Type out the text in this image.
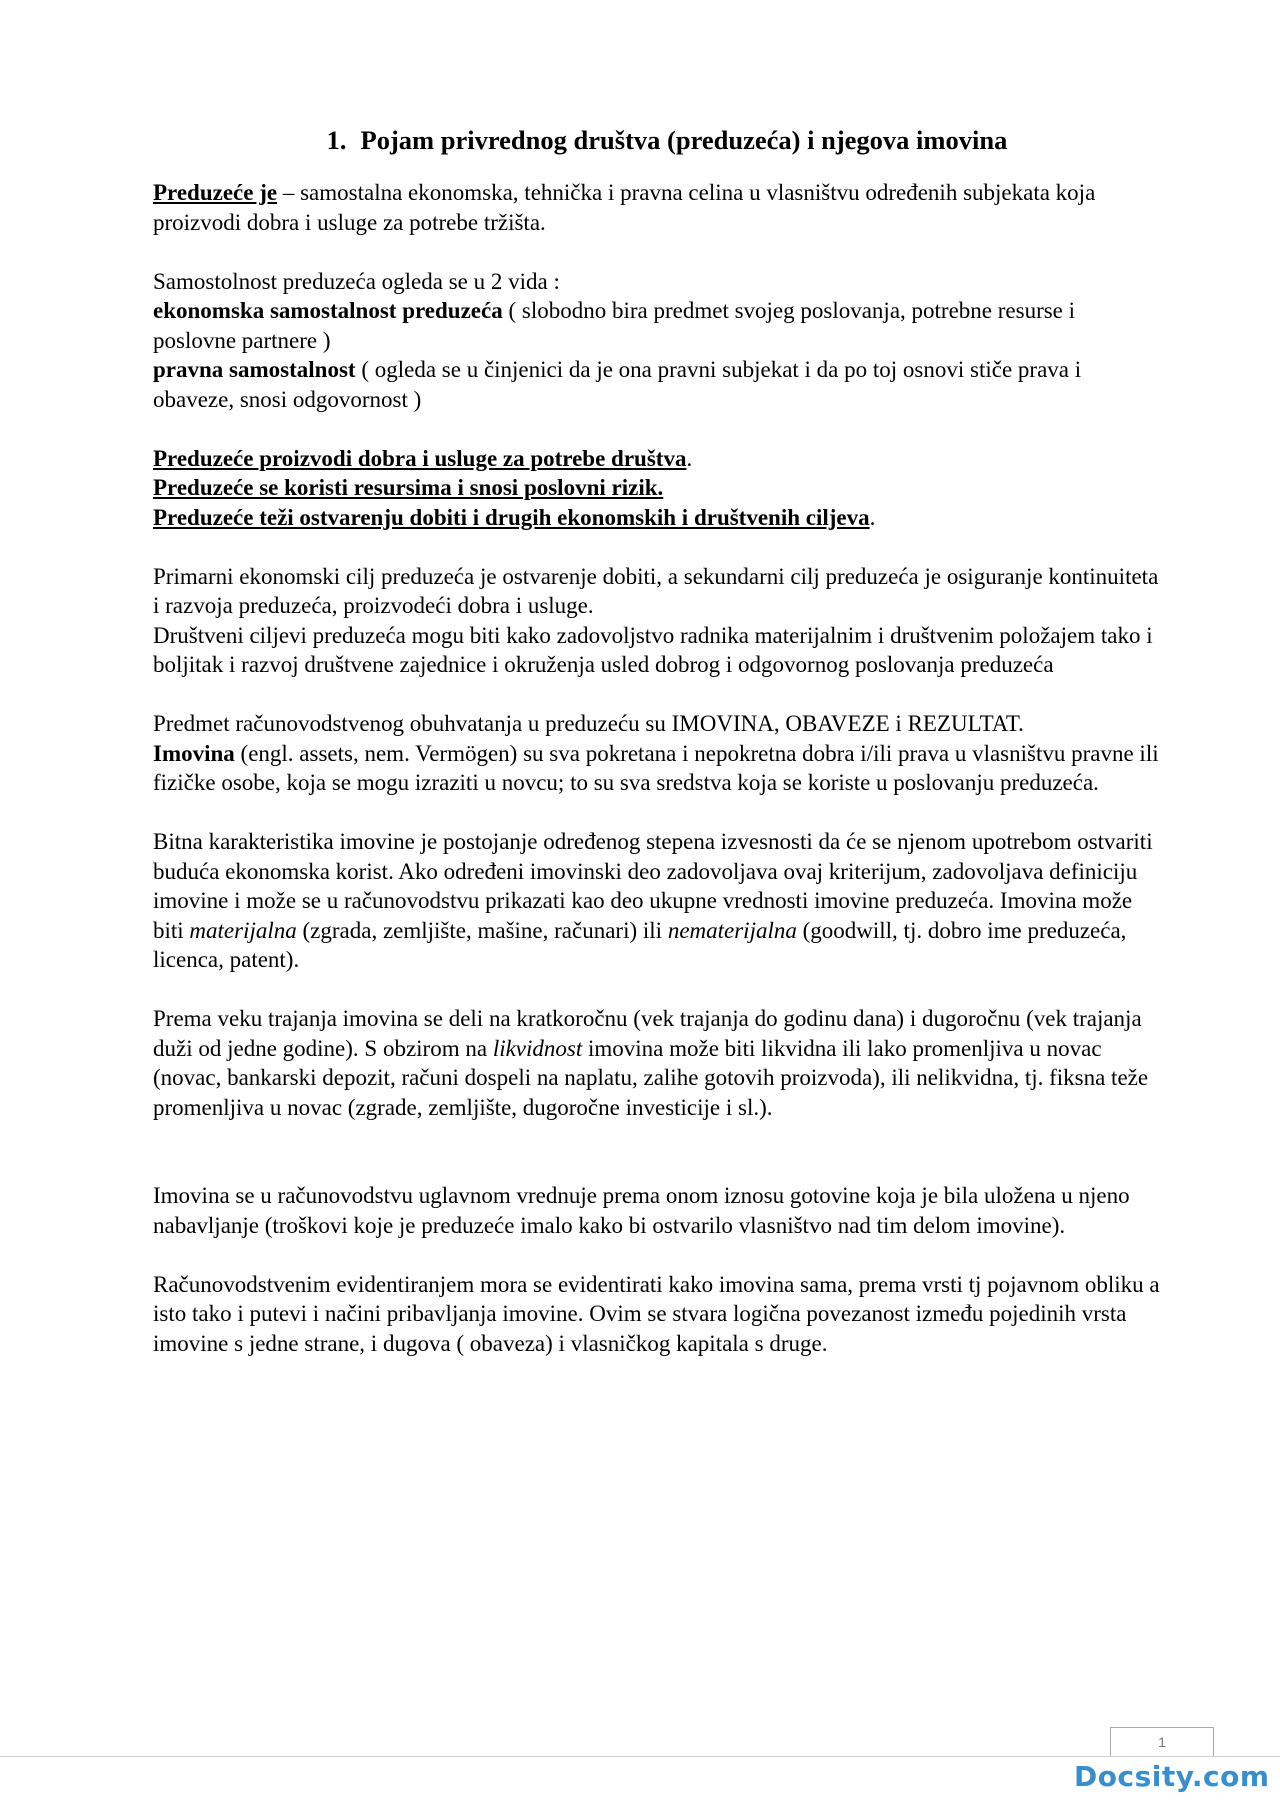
1. Pojam privrednog društva (preduzeća) i njegova imovina

Preduzeće je – samostalna ekonomska, tehnička i pravna celina u vlasništvu određenih subjekata koja proizvodi dobra i usluge za potrebe tržišta.

Samostolnost preduzeća ogleda se u 2 vida :
ekonomska samostalnost preduzeća ( slobodno bira predmet svojeg poslovanja, potrebne resurse i poslovne partnere )
pravna samostalnost ( ogleda se u činjenici da je ona pravni subjekat i da po toj osnovi stiče prava i obaveze, snosi odgovornost )

Preduzeće proizvodi dobra i usluge za potrebe društva.
Preduzeće se koristi resursima i snosi poslovni rizik.
Preduzeće teži ostvarenju dobiti i drugih ekonomskih i društvenih ciljeva.

Primarni ekonomski cilj preduzeća je ostvarenje dobiti, a sekundarni cilj preduzeća je osiguranje kontinuiteta i razvoja preduzeća, proizvodeći dobra i usluge.
Društveni ciljevi preduzeća mogu biti kako zadovoljstvo radnika materijalnim i društvenim položajem tako i boljitak i razvoj društvene zajednice i okruženja usled dobrog i odgovornog poslovanja preduzeća

Predmet računovodstvenog obuhvatanja u preduzeću su IMOVINA, OBAVEZE i REZULTAT.
Imovina (engl. assets, nem. Vermögen) su sva pokretana i nepokretna dobra i/ili prava u vlasništvu pravne ili fizičke osobe, koja se mogu izraziti u novcu; to su sva sredstva koja se koriste u poslovanju preduzeća.

Bitna karakteristika imovine je postojanje određenog stepena izvesnosti da će se njenom upotrebom ostvariti buduća ekonomska korist. Ako određeni imovinski deo zadovoljava ovaj kriterijum, zadovoljava definiciju imovine i može se u računovodstvu prikazati kao deo ukupne vrednosti imovine preduzeća. Imovina može biti materijalna (zgrada, zemljište, mašine, računari) ili nematerijalna (goodwill, tj. dobro ime preduzeća, licenca, patent).

Prema veku trajanja imovina se deli na kratkoročnu (vek trajanja do godinu dana) i dugoročnu (vek trajanja duži od jedne godine). S obzirom na likvidnost imovina može biti likvidna ili lako promenljiva u novac (novac, bankarski depozit, računi dospeli na naplatu, zalihe gotovih proizvoda), ili nelikvidna, tj. fiksna teže promenljiva u novac (zgrade, zemljište, dugoročne investicije i sl.).

Imovina se u računovodstvu uglavnom vrednuje prema onom iznosu gotovine koja je bila uložena u njeno nabavljanje (troškovi koje je preduzeće imalo kako bi ostvarilo vlasništvo nad tim delom imovine).

Računovodstvenim evidentiranjem mora se evidentirati kako imovina sama, prema vrsti tj pojavnom obliku a isto tako i putevi i načini pribavljanja imovine. Ovim se stvara logična povezanost između pojedinih vrsta imovine s jedne strane, i dugova ( obaveza) i vlasničkog kapitala s druge.

1
Docsity.com
